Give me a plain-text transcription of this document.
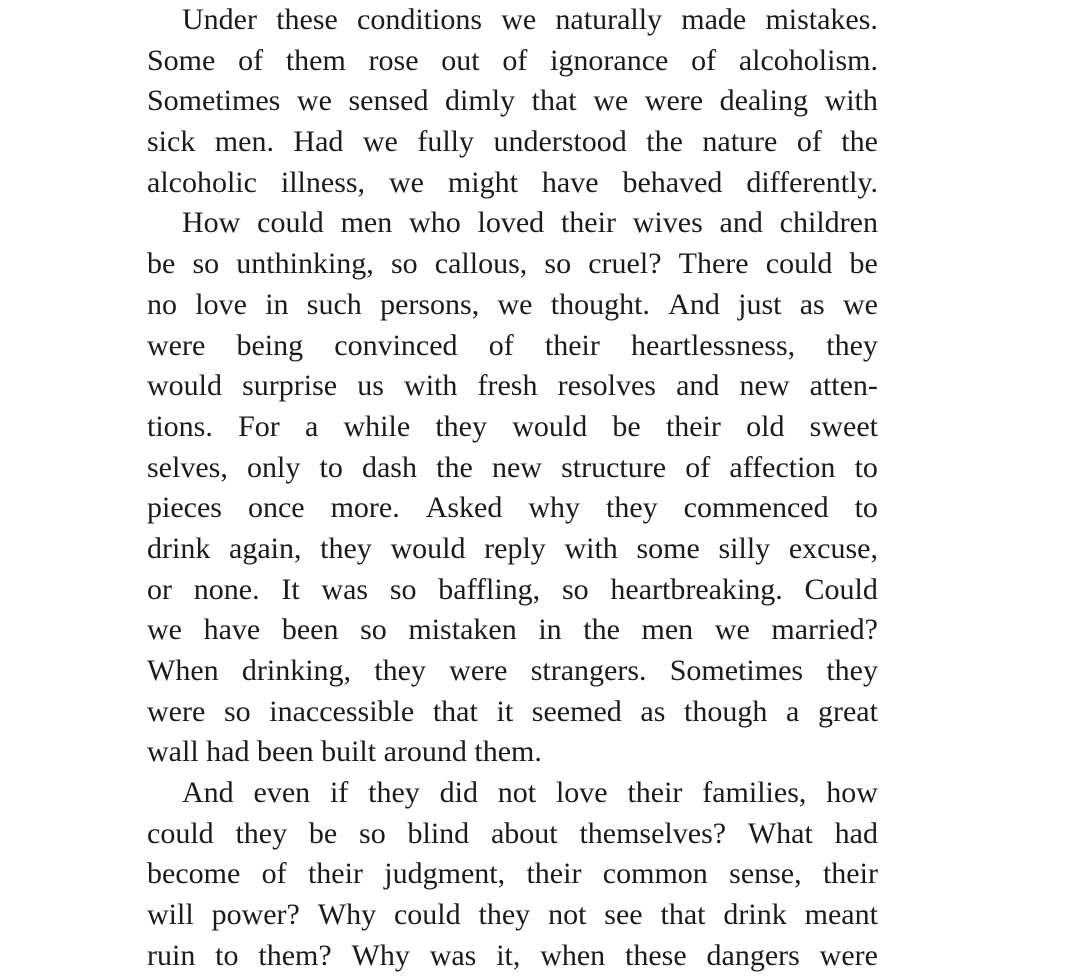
Under these conditions we naturally made mistakes.
Some of them rose out of ignorance of alcoholism.
Sometimes we sensed dimly that we were dealing with
sick men. Had we fully understood the nature of the
alcoholic illness, we might have behaved differently.
How could men who loved their wives and children
be so unthinking, so callous, so cruel? There could be
no love in such persons, we thought. And just as we
were being convinced of their heartlessness, they
would surprise us with fresh resolves and new atten-
tions. For a while they would be their old sweet
selves, only to dash the new structure of affection to
pieces once more. Asked why they commenced to
drink again, they would reply with some silly excuse,
or none. It was so baffling, so heartbreaking. Could
we have been so mistaken in the men we married?
When drinking, they were strangers. Sometimes they
were so inaccessible that it seemed as though a great
wall had been built around them.
And even if they did not love their families, how
could they be so blind about themselves? What had
become of their judgment, their common sense, their
will power? Why could they not see that drink meant
ruin to them? Why was it, when these dangers were
